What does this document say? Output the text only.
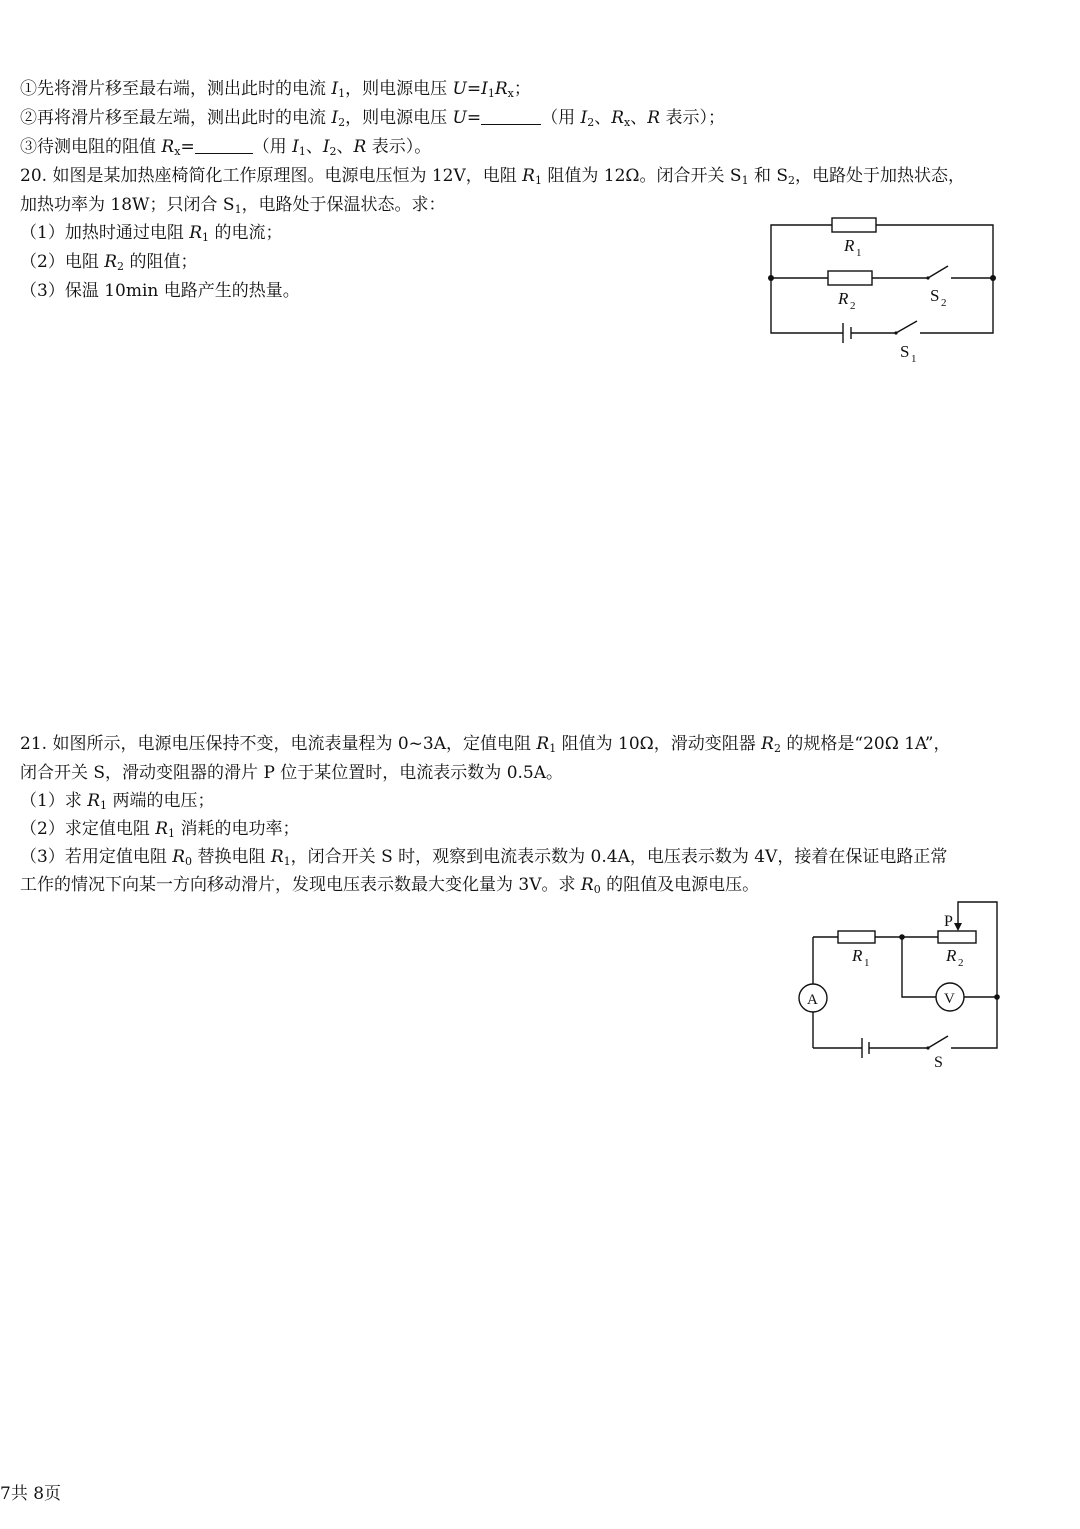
①先将滑片移至最右端，测出此时的电流 $I_1$，则电源电压 $U=I_1R_x$；
②再将滑片移至最左端，测出此时的电流 $I_2$，则电源电压 U=	（用 $I_2$、$R_x$、R 表示）；
③待测电阻的阻值 $R_x=$	（用 $I_1$、$I_2$、R 表示）。
20. 如图是某加热座椅简化工作原理图。电源电压恒为 12V，电阻 $R_1$ 阻值为 12Ω。闭合开关 $S_1$ 和 $S_2$，电路处于加热状态，
加热功率为 18W；只闭合 $S_1$，电路处于保温状态。求：
（1）加热时通过电阻 $R_1$ 的电流；
（2）电阻 $R_2$ 的阻值；
（3）保温 10min 电路产生的热量。
R 1
R 2
S 2
S 1
21. 如图所示，电源电压保持不变，电流表量程为 0~3A，定值电阻 $R_1$ 阻值为 10Ω，滑动变阻器 $R_2$ 的规格是“20Ω 1A”，
闭合开关 S，滑动变阻器的滑片 P 位于某位置时，电流表示数为 0.5A。
（1）求 $R_1$ 两端的电压；
（2）求定值电阻 $R_1$ 消耗的电功率；
（3）若用定值电阻 $R_0$ 替换电阻 $R_1$，闭合开关 S 时，观察到电流表示数为 0.4A，电压表示数为 4V，接着在保证电路正常
工作的情况下向某一方向移动滑片，发现电压表示数最大变化量为 3V。求 $R_0$ 的阻值及电源电压。
P
R 1	R 2
A	V
S
7共 8页
